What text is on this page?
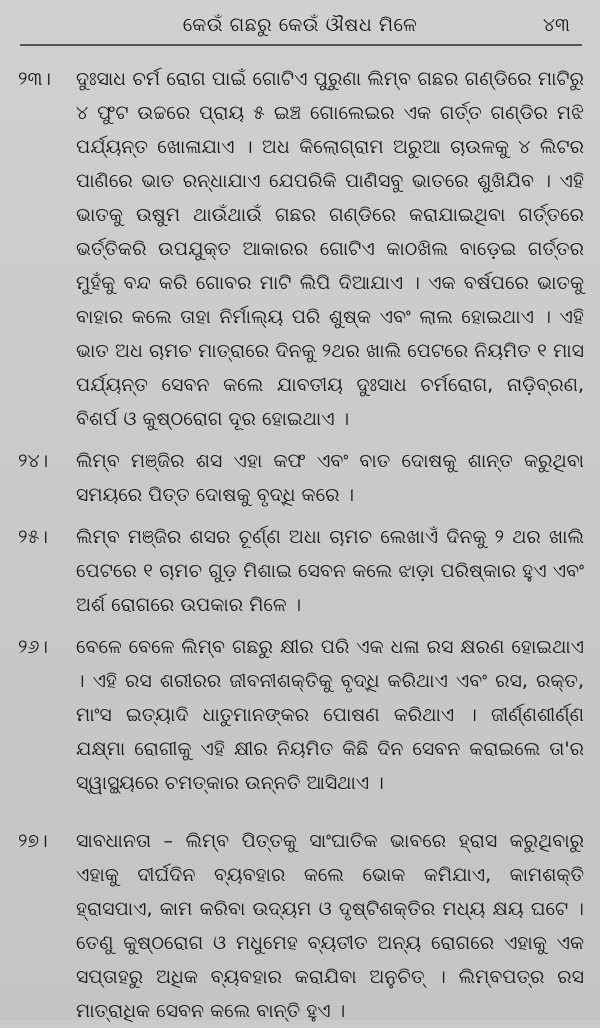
କେଉଁ ଗଛରୁ କେଉଁ ଔଷଧ ମିଳେ	୪୩
୨୩।	ଦୁଃସାଧ ଚର୍ମ ରୋଗ ପାଇଁ ଗୋଟିଏ ପୁରୁଣା ଲିମ୍ବ ଗଛର ଗଣ୍ଡିରେ ମାଟିରୁ ୪ ଫୁଟ ଉଚ୍ଚରେ ପ୍ରାୟ ୫ ଇଞ୍ଚ ଗୋଲେଇର ଏକ ଗର୍ତ୍ତ ଗଣ୍ଡିର ମଝି ପର୍ଯ୍ୟନ୍ତ ଖୋଳାଯାଏ । ଅଧ କିଲୋଗ୍ରାମ ଅରୁଆ ଚାଉଳକୁ ୪ ଲିଟର ପାଣିରେ ଭାତ ରନ୍ଧାଯାଏ ଯେପରିକି ପାଣିସବୁ ଭାତରେ ଶୁଖିଯିବ । ଏହି ଭାତକୁ ଉଷୁମ ଥାଉଁଥାଉଁ ଗଛର ଗଣ୍ଡିରେ କରାଯାଇଥିବା ଗର୍ତ୍ତରେ ଭର୍ତ୍ତିକରି ଉପଯୁକ୍ତ ଆକାରର ଗୋଟିଏ କାଠଖିଲ ବାଡ଼େଇ ଗର୍ତ୍ତର ମୁହଁକୁ ବନ୍ଦ କରି ଗୋବର ମାଟି ଲିପି ଦିଆଯାଏ । ଏକ ବର୍ଷପରେ ଭାତକୁ ବାହାର କଲେ ତାହା ନିର୍ମାଲ୍ୟ ପରି ଶୁଷ୍କ ଏବଂ ଲାଲ ହୋଇଥାଏ । ଏହି ଭାତ ଅଧ ଚାମଚ ମାତ୍ରାରେ ଦିନକୁ ୨ଥର ଖାଲି ପେଟରେ ନିୟମିତ ୧ ମାସ ପର୍ଯ୍ୟନ୍ତ ସେବନ କଲେ ଯାବତୀୟ ଦୁଃସାଧ ଚର୍ମରୋଗ, ନାଡ଼ିବ୍ରଣ, ବିଶର୍ପ ଓ କୁଷ୍ଠରୋଗ ଦୂର ହୋଇଥାଏ ।
୨୪।	ଲିମ୍ବ ମଞ୍ଜିର ଶସ ଏହା କଫ ଏବଂ ବାତ ଦୋଷକୁ ଶାନ୍ତ କରୁଥିବା ସମୟରେ ପିତ୍ତ ଦୋଷକୁ ବୃଦ୍ଧି କରେ ।
୨୫।	ଲିମ୍ବ ମଞ୍ଜିର ଶସର ଚୂର୍ଣ୍ଣ ଅଧା ଚାମଚ ଲେଖାଏଁ ଦିନକୁ ୨ ଥର ଖାଲି ପେଟରେ ୧ ଚାମଚ ଗୁଡ଼ ମିଶାଇ ସେବନ କଲେ ଝାଡ଼ା ପରିଷ୍କାର ହୁଏ ଏବଂ ଅର୍ଶ ରୋଗରେ ଉପକାର ମିଳେ ।
୨୬।	ବେଳେ ବେଳେ ଲିମ୍ବ ଗଛରୁ କ୍ଷୀର ପରି ଏକ ଧଳା ରସ କ୍ଷରଣ ହୋଇଥାଏ । ଏହି ରସ ଶରୀରର ଜୀବନୀଶକ୍ତିକୁ ବୃଦ୍ଧି କରିଥାଏ ଏବଂ ରସ, ରକ୍ତ, ମାଂସ ଇତ୍ୟାଦି ଧାତୁମାନଙ୍କର ପୋଷଣ କରିଥାଏ । ଜୀର୍ଣ୍ଣଶୀର୍ଣ୍ଣ ଯକ୍ଷ୍ମା ରୋଗୀକୁ ଏହି କ୍ଷୀର ନିୟମିତ କିଛି ଦିନ ସେବନ କରାଇଲେ ତା'ର ସ୍ୱାସ୍ଥ୍ୟରେ ଚମତ୍କାର ଉନ୍ନତି ଆସିଥାଏ ।
୨୭।	ସାବଧାନତା – ଲିମ୍ବ ପିତ୍ତକୁ ସାଂଘାତିକ ଭାବରେ ହ୍ରାସ କରୁଥିବାରୁ ଏହାକୁ ଦୀର୍ଘଦିନ ବ୍ୟବହାର କଲେ ଭୋକ କମିଯାଏ, କାମଶକ୍ତି ହ୍ରାସପାଏ, କାମ କରିବା ଉଦ୍ୟମ ଓ ଦୃଷ୍ଟିଶକ୍ତିର ମଧ୍ୟ କ୍ଷୟ ଘଟେ । ତେଣୁ କୁଷ୍ଠରୋଗ ଓ ମଧୁମେହ ବ୍ୟତୀତ ଅନ୍ୟ ରୋଗରେ ଏହାକୁ ଏକ ସପ୍ତାହରୁ ଅଧିକ ବ୍ୟବହାର କରାଯିବା ଅନୁଚିତ୍ । ଲିମ୍ବପତ୍ର ରସ ମାତ୍ରାଧିକ ସେବନ କଲେ ବାନ୍ତି ହୁଏ ।
